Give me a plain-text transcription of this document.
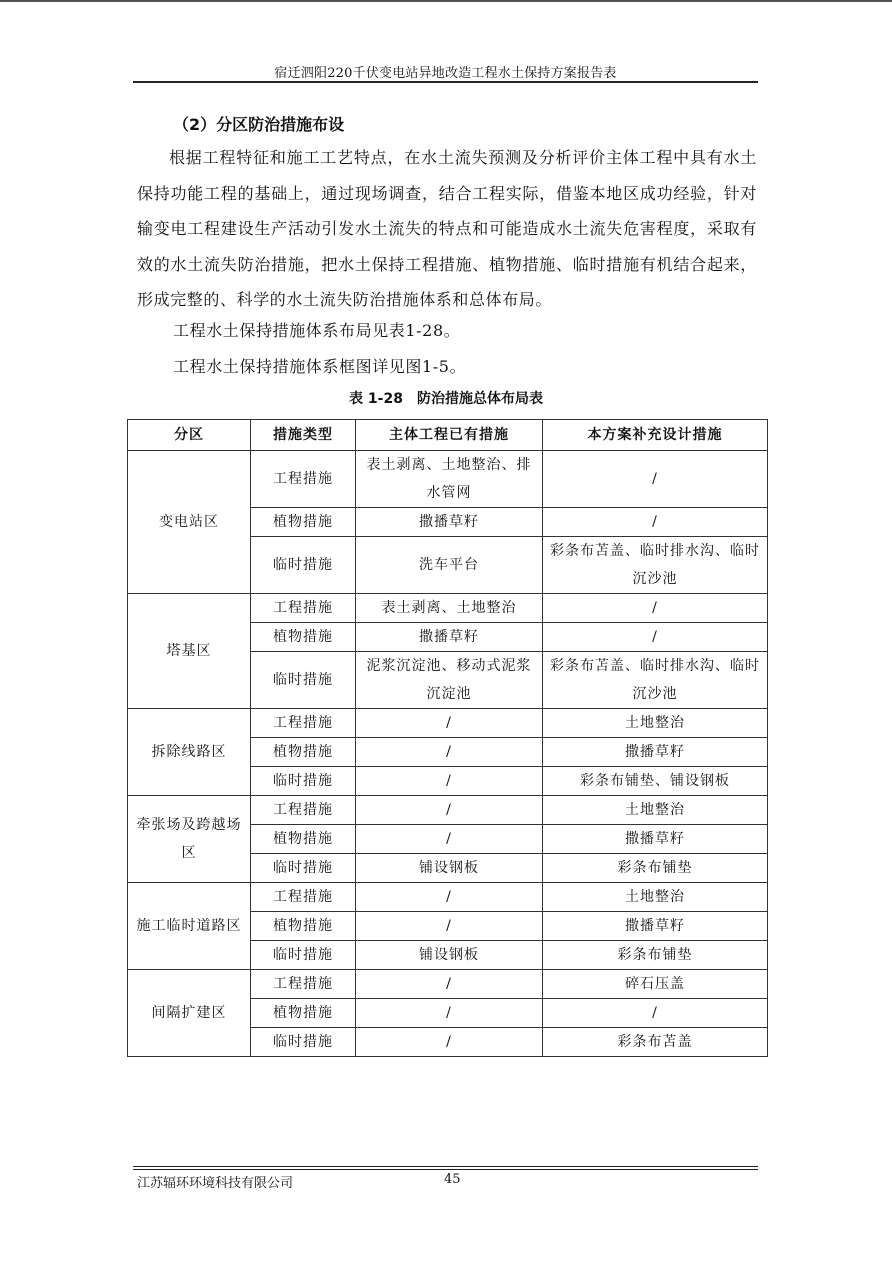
宿迁泗阳220千伏变电站异地改造工程水土保持方案报告表
（2）分区防治措施布设
根据工程特征和施工工艺特点，在水土流失预测及分析评价主体工程中具有水土保持功能工程的基础上，通过现场调查，结合工程实际，借鉴本地区成功经验，针对输变电工程建设生产活动引发水土流失的特点和可能造成水土流失危害程度，采取有效的水土流失防治措施，把水土保持工程措施、植物措施、临时措施有机结合起来，形成完整的、科学的水土流失防治措施体系和总体布局。
工程水土保持措施体系布局见表1-28。
工程水土保持措施体系框图详见图1-5。
表 1-28　防治措施总体布局表
分区	措施类型	主体工程已有措施	本方案补充设计措施
变电站区	工程措施	表土剥离、土地整治、排水管网	/
	植物措施	撒播草籽	/
	临时措施	洗车平台	彩条布苫盖、临时排水沟、临时沉沙池
塔基区	工程措施	表土剥离、土地整治	/
	植物措施	撒播草籽	/
	临时措施	泥浆沉淀池、移动式泥浆沉淀池	彩条布苫盖、临时排水沟、临时沉沙池
拆除线路区	工程措施	/	土地整治
	植物措施	/	撒播草籽
	临时措施	/	彩条布铺垫、铺设钢板
牵张场及跨越场区	工程措施	/	土地整治
	植物措施	/	撒播草籽
	临时措施	铺设钢板	彩条布铺垫
施工临时道路区	工程措施	/	土地整治
	植物措施	/	撒播草籽
	临时措施	铺设钢板	彩条布铺垫
间隔扩建区	工程措施	/	碎石压盖
	植物措施	/	/
	临时措施	/	彩条布苫盖
江苏辐环环境科技有限公司	45
